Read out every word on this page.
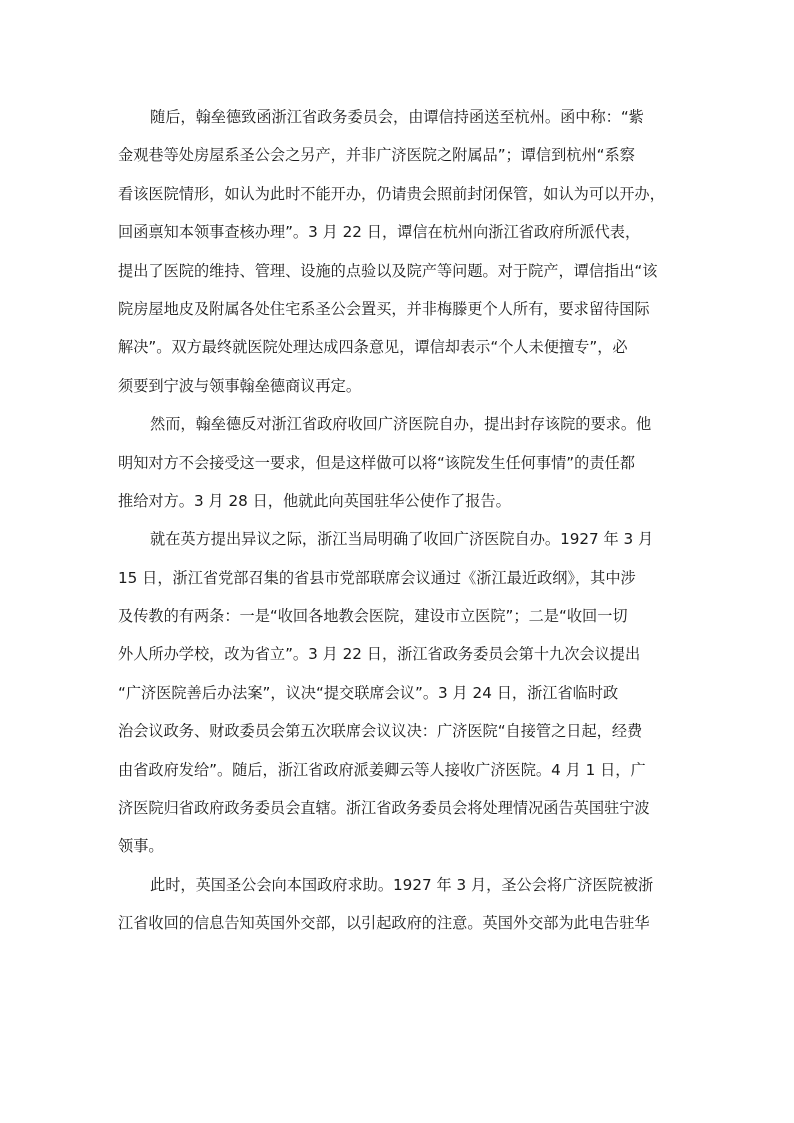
随后，翰垒德致函浙江省政务委员会，由谭信持函送至杭州。函中称：“紫
金观巷等处房屋系圣公会之另产，并非广济医院之附属品”；谭信到杭州“系察
看该医院情形，如认为此时不能开办，仍请贵会照前封闭保管，如认为可以开办，
回函禀知本领事查核办理”。3 月 22 日，谭信在杭州向浙江省政府所派代表，
提出了医院的维持、管理、设施的点验以及院产等问题。对于院产，谭信指出“该
院房屋地皮及附属各处住宅系圣公会置买，并非梅滕更个人所有，要求留待国际
解决”。双方最终就医院处理达成四条意见，谭信却表示“个人未便擅专”，必
须要到宁波与领事翰垒德商议再定。
然而，翰垒德反对浙江省政府收回广济医院自办，提出封存该院的要求。他
明知对方不会接受这一要求，但是这样做可以将“该院发生任何事情”的责任都
推给对方。3 月 28 日，他就此向英国驻华公使作了报告。
就在英方提出异议之际，浙江当局明确了收回广济医院自办。1927 年 3 月
15 日，浙江省党部召集的省县市党部联席会议通过《浙江最近政纲》，其中涉
及传教的有两条：一是“收回各地教会医院，建设市立医院”；二是“收回一切
外人所办学校，改为省立”。3 月 22 日，浙江省政务委员会第十九次会议提出
“广济医院善后办法案”，议决“提交联席会议”。3 月 24 日，浙江省临时政
治会议政务、财政委员会第五次联席会议议决：广济医院“自接管之日起，经费
由省政府发给”。随后，浙江省政府派姜卿云等人接收广济医院。4 月 1 日，广
济医院归省政府政务委员会直辖。浙江省政务委员会将处理情况函告英国驻宁波
领事。
此时，英国圣公会向本国政府求助。1927 年 3 月，圣公会将广济医院被浙
江省收回的信息告知英国外交部，以引起政府的注意。英国外交部为此电告驻华
